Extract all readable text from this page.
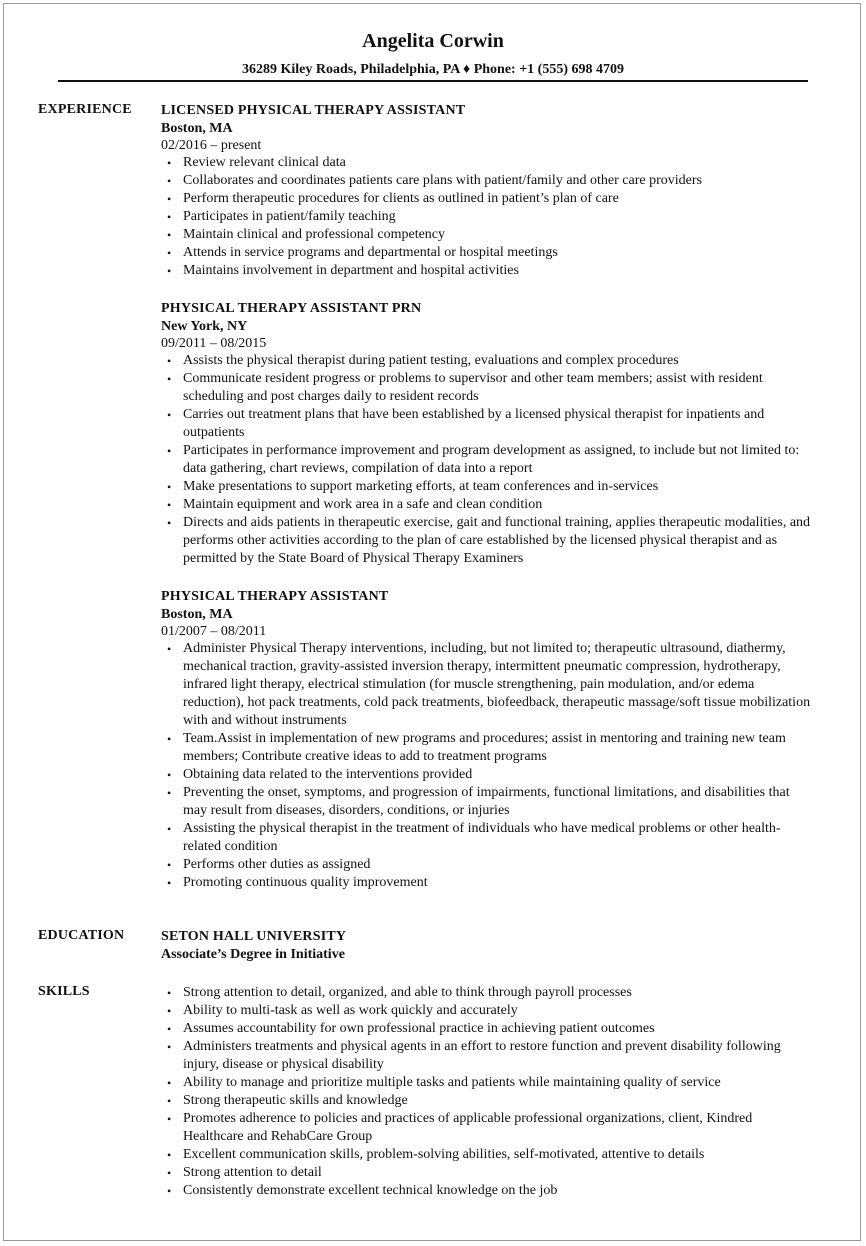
Angelita Corwin
36289 Kiley Roads, Philadelphia, PA ♦ Phone: +1 (555) 698 4709
EXPERIENCE LICENSED PHYSICAL THERAPY ASSISTANT
Boston, MA
02/2016 – present
• Review relevant clinical data
• Collaborates and coordinates patients care plans with patient/family and other care providers
• Perform therapeutic procedures for clients as outlined in patient’s plan of care
• Participates in patient/family teaching
• Maintain clinical and professional competency
• Attends in service programs and departmental or hospital meetings
• Maintains involvement in department and hospital activities
PHYSICAL THERAPY ASSISTANT PRN
New York, NY
09/2011 – 08/2015
• Assists the physical therapist during patient testing, evaluations and complex procedures
• Communicate resident progress or problems to supervisor and other team members; assist with resident scheduling and post charges daily to resident records
• Carries out treatment plans that have been established by a licensed physical therapist for inpatients and outpatients
• Participates in performance improvement and program development as assigned, to include but not limited to: data gathering, chart reviews, compilation of data into a report
• Make presentations to support marketing efforts, at team conferences and in-services
• Maintain equipment and work area in a safe and clean condition
• Directs and aids patients in therapeutic exercise, gait and functional training, applies therapeutic modalities, and performs other activities according to the plan of care established by the licensed physical therapist and as permitted by the State Board of Physical Therapy Examiners
PHYSICAL THERAPY ASSISTANT
Boston, MA
01/2007 – 08/2011
• Administer Physical Therapy interventions, including, but not limited to; therapeutic ultrasound, diathermy, mechanical traction, gravity-assisted inversion therapy, intermittent pneumatic compression, hydrotherapy, infrared light therapy, electrical stimulation (for muscle strengthening, pain modulation, and/or edema reduction), hot pack treatments, cold pack treatments, biofeedback, therapeutic massage/soft tissue mobilization with and without instruments
• Team.Assist in implementation of new programs and procedures; assist in mentoring and training new team members; Contribute creative ideas to add to treatment programs
• Obtaining data related to the interventions provided
• Preventing the onset, symptoms, and progression of impairments, functional limitations, and disabilities that may result from diseases, disorders, conditions, or injuries
• Assisting the physical therapist in the treatment of individuals who have medical problems or other health-related condition
• Performs other duties as assigned
• Promoting continuous quality improvement
EDUCATION	SETON HALL UNIVERSITY
Associate’s Degree in Initiative
SKILLS
•	Strong attention to detail, organized, and able to think through payroll processes
• Ability to multi-task as well as work quickly and accurately
• Assumes accountability for own professional practice in achieving patient outcomes
• Administers treatments and physical agents in an effort to restore function and prevent disability following injury, disease or physical disability
• Ability to manage and prioritize multiple tasks and patients while maintaining quality of service
• Strong therapeutic skills and knowledge
• Promotes adherence to policies and practices of applicable professional organizations, client, Kindred Healthcare and RehabCare Group
• Excellent communication skills, problem-solving abilities, self-motivated, attentive to details
• Strong attention to detail
• Consistently demonstrate excellent technical knowledge on the job
